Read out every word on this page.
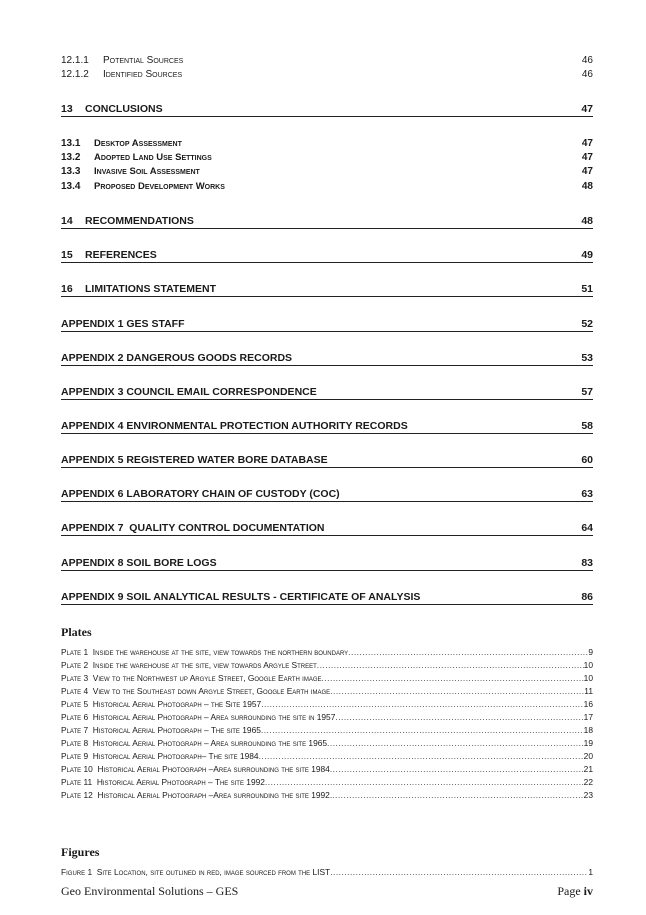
12.1.1	Potential Sources	46
12.1.2	Identified Sources	46
13	CONCLUSIONS	47
13.1	Desktop Assessment	47
13.2	Adopted Land Use Settings	47
13.3	Invasive Soil Assessment	47
13.4	Proposed Development Works	48
14	RECOMMENDATIONS	48
15	REFERENCES	49
16	LIMITATIONS STATEMENT	51
APPENDIX 1 GES STAFF	52
APPENDIX 2 DANGEROUS GOODS RECORDS	53
APPENDIX 3 COUNCIL EMAIL CORRESPONDENCE	57
APPENDIX 4 ENVIRONMENTAL PROTECTION AUTHORITY RECORDS	58
APPENDIX 5 REGISTERED WATER BORE DATABASE	60
APPENDIX 6 LABORATORY CHAIN OF CUSTODY (COC)	63
APPENDIX 7  QUALITY CONTROL DOCUMENTATION	64
APPENDIX 8 SOIL BORE LOGS	83
APPENDIX 9 SOIL ANALYTICAL RESULTS - CERTIFICATE OF ANALYSIS	86
Plates
Plate 1  Inside the warehouse at the site, view towards the northern boundary .....	9
Plate 2  Inside the warehouse at the site, view towards Argyle Street .....	10
Plate 3  View to the Northwest up Argyle Street, Google Earth image .....	10
Plate 4  View to the Southeast down Argyle Street, Google Earth image .....	11
Plate 5  Historical Aerial Photograph – the Site 1957 .....	16
Plate 6  Historical Aerial Photograph – Area surrounding the site in 1957 .....	17
Plate 7  Historical Aerial Photograph – The site 1965 .....	18
Plate 8  Historical Aerial Photograph – Area surrounding the site 1965 .....	19
Plate 9  Historical Aerial Photograph– The site 1984 .....	20
Plate 10  Historical Aerial Photograph –Area surrounding the site 1984 .....	21
Plate 11  Historical Aerial Photograph – The site 1992 .....	22
Plate 12  Historical Aerial Photograph –Area surrounding the site 1992. .....	23
Figures
Figure 1  Site Location, site outlined in red, image sourced from the LIST .....	1
Geo Environmental Solutions – GES	Page iv
